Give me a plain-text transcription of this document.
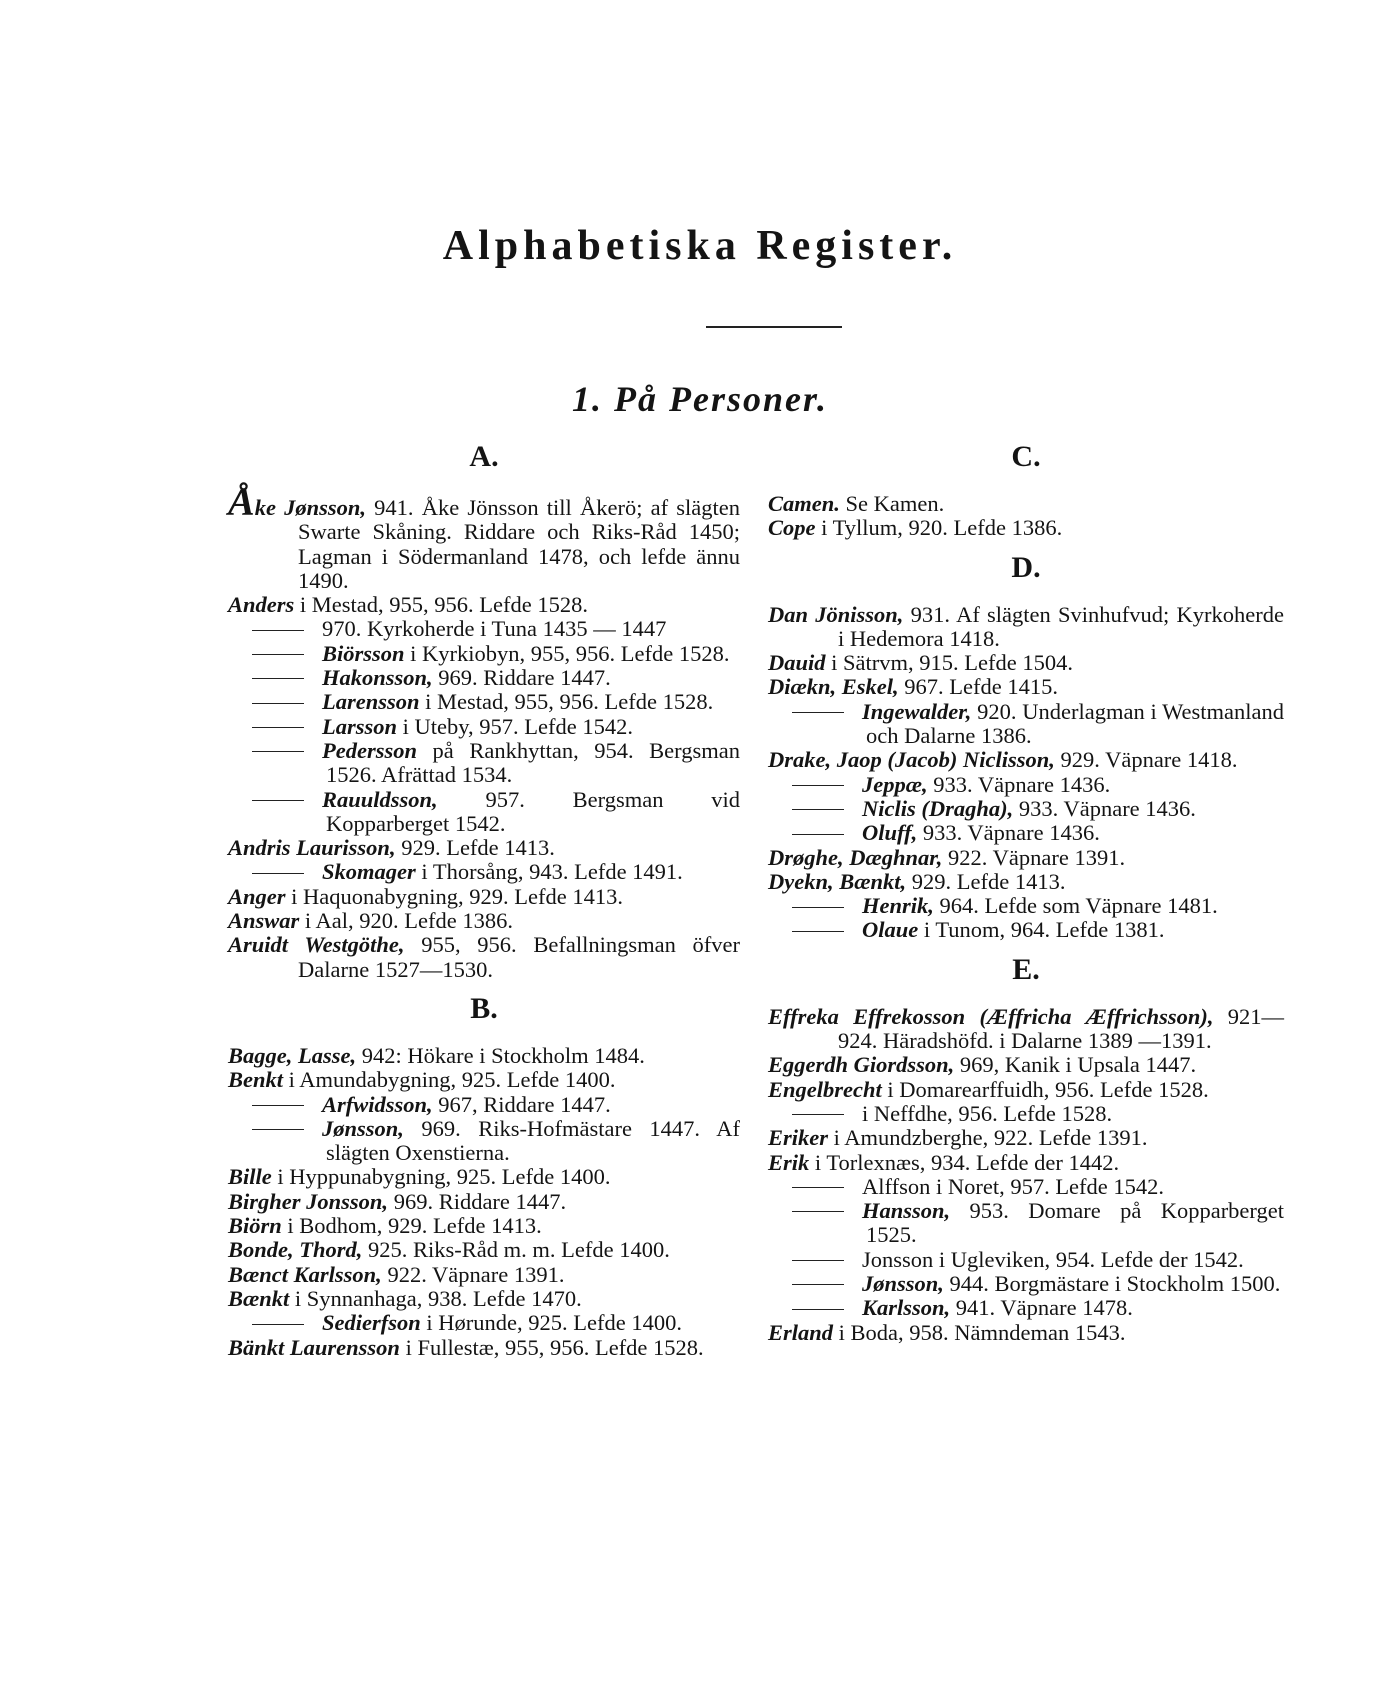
Alphabetiska Register.
1. På Personer.
A.

Åke Jønsson, 941. Åke Jönsson till Åkerö; af slägten Swarte Skåning. Riddare och Riks-Råd 1450; Lagman i Södermanland 1478, och lefde ännu 1490.

Anders i Mestad, 955, 956. Lefde 1528.

970. Kyrkoherde i Tuna 1435 — 1447

Biörsson i Kyrkiobyn, 955, 956. Lefde 1528.

Hakonsson, 969. Riddare 1447.

Larensson i Mestad, 955, 956. Lefde 1528.

Larsson i Uteby, 957. Lefde 1542.

Pedersson på Rankhyttan, 954. Bergsman 1526. Afrättad 1534.

Rauuldsson, 957. Bergsman vid Kopparberget 1542.

Andris Laurisson, 929. Lefde 1413.

Skomager i Thorsång, 943. Lefde 1491.

Anger i Haquonabygning, 929. Lefde 1413.

Answar i Aal, 920. Lefde 1386.

Aruidt Westgöthe, 955, 956. Befallningsman öfver Dalarne 1527—1530.

B.

Bagge, Lasse, 942: Hökare i Stockholm 1484.

Benkt i Amundabygning, 925. Lefde 1400.

Arfwidsson, 967, Riddare 1447.

Jønsson, 969. Riks-Hofmästare 1447. Af slägten Oxenstierna.

Bille i Hyppunabygning, 925. Lefde 1400.

Birgher Jonsson, 969. Riddare 1447.

Biörn i Bodhom, 929. Lefde 1413.

Bonde, Thord, 925. Riks-Råd m. m. Lefde 1400.

Bænct Karlsson, 922. Väpnare 1391.

Bænkt i Synnanhaga, 938. Lefde 1470.

Sedierfson i Hørunde, 925. Lefde 1400.

Bänkt Laurensson i Fullestæ, 955, 956. Lefde 1528.

C.

Camen. Se Kamen.

Cope i Tyllum, 920. Lefde 1386.

D.

Dan Jönisson, 931. Af slägten Svinhufvud; Kyrkoherde i Hedemora 1418.

Dauid i Sätrvm, 915. Lefde 1504.

Diækn, Eskel, 967. Lefde 1415.

Ingewalder, 920. Underlagman i Westmanland och Dalarne 1386.

Drake, Jaop (Jacob) Niclisson, 929. Väpnare 1418.

Jeppæ, 933. Väpnare 1436.

Niclis (Dragha), 933. Väpnare 1436.

Oluff, 933. Väpnare 1436.

Drøghe, Dæghnar, 922. Väpnare 1391.

Dyekn, Bænkt, 929. Lefde 1413.

Henrik, 964. Lefde som Väpnare 1481.

Olaue i Tunom, 964. Lefde 1381.

E.

Effreka Effrekosson (Æffricha Æffrichsson), 921—924. Häradshöfd. i Dalarne 1389 —1391.

Eggerdh Giordsson, 969, Kanik i Upsala 1447.

Engelbrecht i Domarearffuidh, 956. Lefde 1528.

i Neffdhe, 956. Lefde 1528.

Eriker i Amundzberghe, 922. Lefde 1391.

Erik i Torlexnæs, 934. Lefde der 1442.

Alffson i Noret, 957. Lefde 1542.

Hansson, 953. Domare på Kopparberget 1525.

Jonsson i Ugleviken, 954. Lefde der 1542.

Jønsson, 944. Borgmästare i Stockholm 1500.

Karlsson, 941. Väpnare 1478.

Erland i Boda, 958. Nämndeman 1543.
